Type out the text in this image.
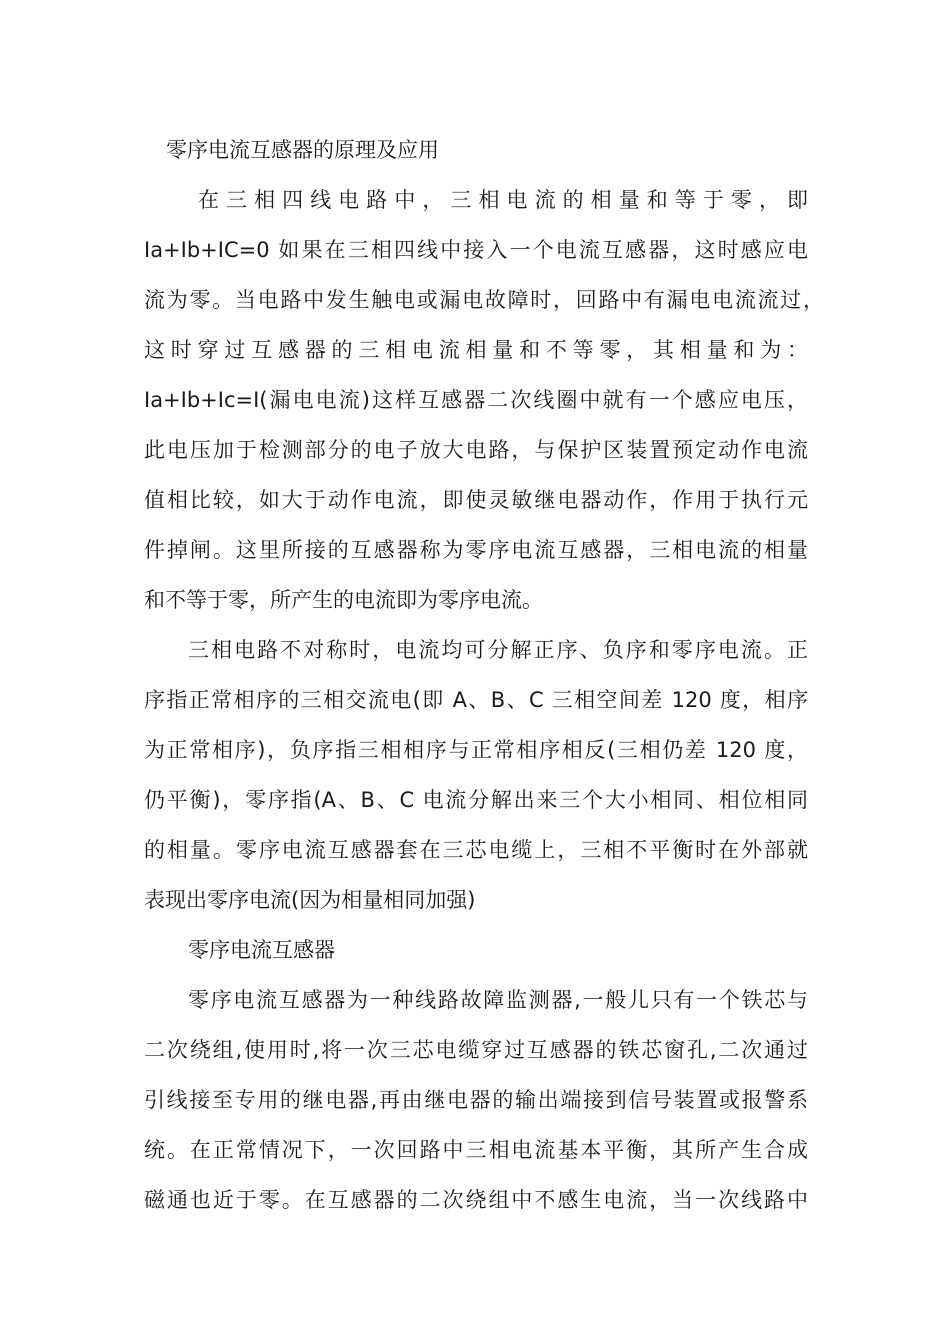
零序电流互感器的原理及应用
在三相四线电路中，三相电流的相量和等于零，即
Ia+Ib+IC=0 如果在三相四线中接入一个电流互感器，这时感应电
流为零。当电路中发生触电或漏电故障时，回路中有漏电电流流过，
这时穿过互感器的三相电流相量和不等零，其相量和为：
Ia+Ib+Ic=I(漏电电流)这样互感器二次线圈中就有一个感应电压，
此电压加于检测部分的电子放大电路，与保护区装置预定动作电流
值相比较，如大于动作电流，即使灵敏继电器动作，作用于执行元
件掉闸。这里所接的互感器称为零序电流互感器，三相电流的相量
和不等于零，所产生的电流即为零序电流。
三相电路不对称时，电流均可分解正序、负序和零序电流。正
序指正常相序的三相交流电(即 A、B、C 三相空间差 120 度，相序
为正常相序)，负序指三相相序与正常相序相反(三相仍差 120 度，
仍平衡)，零序指(A、B、C 电流分解出来三个大小相同、相位相同
的相量。零序电流互感器套在三芯电缆上，三相不平衡时在外部就
表现出零序电流(因为相量相同加强)
零序电流互感器
零序电流互感器为一种线路故障监测器,一般儿只有一个铁芯与
二次绕组,使用时,将一次三芯电缆穿过互感器的铁芯窗孔,二次通过
引线接至专用的继电器,再由继电器的输出端接到信号装置或报警系
统。在正常情况下，一次回路中三相电流基本平衡，其所产生合成
磁通也近于零。在互感器的二次绕组中不感生电流，当一次线路中
